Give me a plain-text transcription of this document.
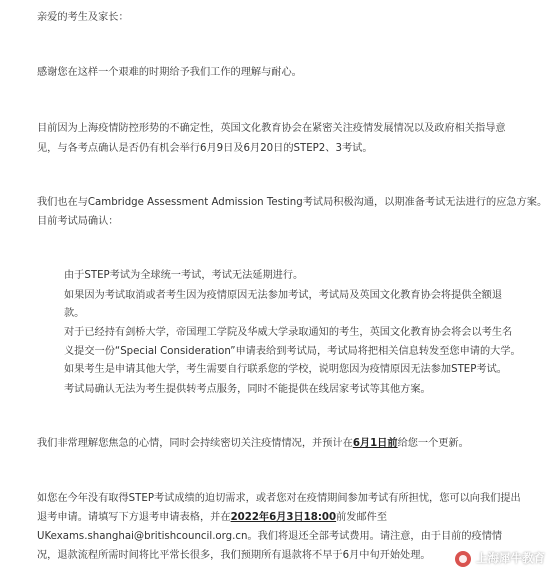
亲爱的考生及家长：
感谢您在这样一个艰难的时期给予我们工作的理解与耐心。
目前因为上海疫情防控形势的不确定性，英国文化教育协会在紧密关注疫情发展情况以及政府相关指导意
见，与各考点确认是否仍有机会举行6月9日及6月20日的STEP2、3考试。
我们也在与Cambridge Assessment Admission Testing考试局积极沟通，以期准备考试无法进行的应急方案。
目前考试局确认：
由于STEP考试为全球统一考试，考试无法延期进行。
如果因为考试取消或者考生因为疫情原因无法参加考试，考试局及英国文化教育协会将提供全额退
款。
对于已经持有剑桥大学，帝国理工学院及华威大学录取通知的考生，英国文化教育协会将会以考生名
义提交一份“Special Consideration”申请表给到考试局，考试局将把相关信息转发至您申请的大学。
如果考生是申请其他大学，考生需要自行联系您的学校，说明您因为疫情原因无法参加STEP考试。
考试局确认无法为考生提供转考点服务，同时不能提供在线居家考试等其他方案。
我们非常理解您焦急的心情，同时会持续密切关注疫情情况，并预计在6月1日前给您一个更新。
如您在今年没有取得STEP考试成绩的迫切需求，或者您对在疫情期间参加考试有所担忧，您可以向我们提出
退考申请。请填写下方退考申请表格，并在2022年6月3日18:00前发邮件至
UKexams.shanghai@britishcouncil.org.cn。我们将退还全部考试费用。请注意，由于目前的疫情情
况，退款流程所需时间将比平常长很多，我们预期所有退款将不早于6月中旬开始处理。	上海犀牛教育
